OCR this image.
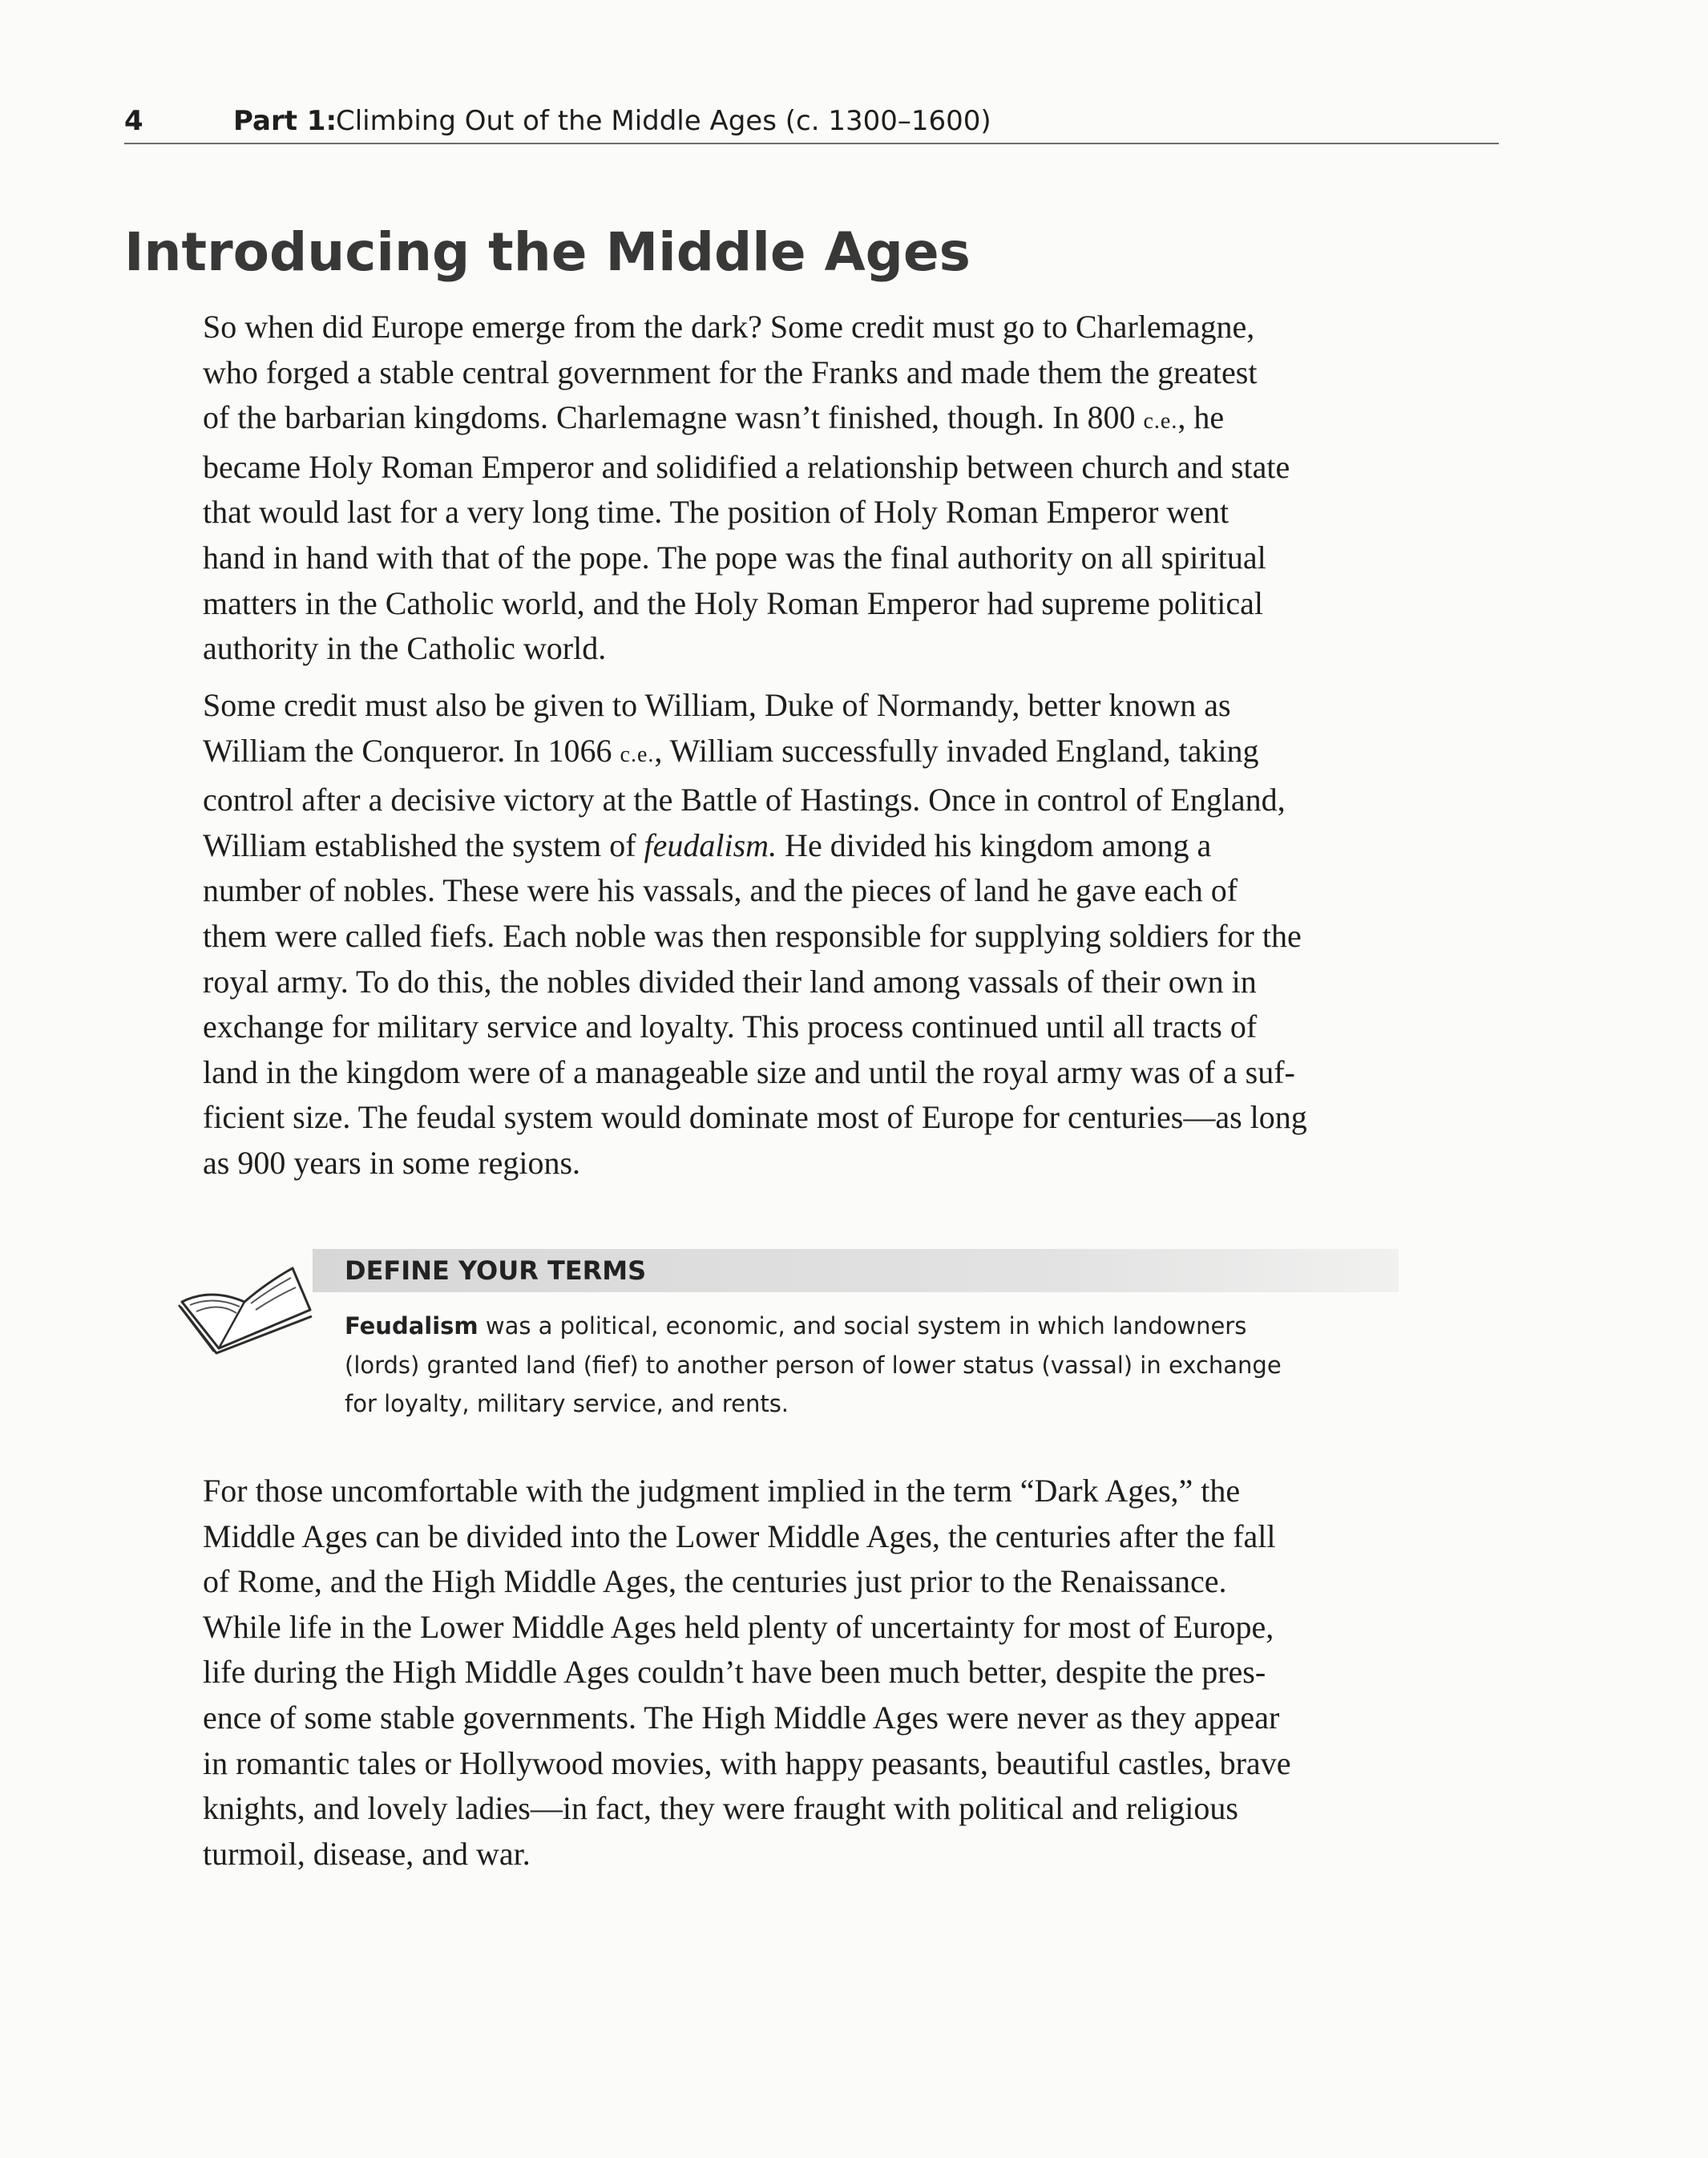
4	Part 1:
Climbing Out of the Middle Ages (c. 1300–1600)
Introducing the Middle Ages

So when did Europe emerge from the dark? Some credit must go to Charlemagne,
who forged a stable central government for the Franks and made them the greatest
of the barbarian kingdoms. Charlemagne wasn’t finished, though. In 800 c.e., he
became Holy Roman Emperor and solidified a relationship between church and state
that would last for a very long time. The position of Holy Roman Emperor went
hand in hand with that of the pope. The pope was the final authority on all spiritual
matters in the Catholic world, and the Holy Roman Emperor had supreme political
authority in the Catholic world.

Some credit must also be given to William, Duke of Normandy, better known as
William the Conqueror. In 1066 c.e., William successfully invaded England, taking
control after a decisive victory at the Battle of Hastings. Once in control of England,
William established the system of feudalism. He divided his kingdom among a
number of nobles. These were his vassals, and the pieces of land he gave each of
them were called fiefs. Each noble was then responsible for supplying soldiers for the
royal army. To do this, the nobles divided their land among vassals of their own in
exchange for military service and loyalty. This process continued until all tracts of
land in the kingdom were of a manageable size and until the royal army was of a suf-
ficient size. The feudal system would dominate most of Europe for centuries—as long
as 900 years in some regions.

DEFINE YOUR TERMS

Feudalism was a political, economic, and social system in which landowners
(lords) granted land (fief) to another person of lower status (vassal) in exchange
for loyalty, military service, and rents.

For those uncomfortable with the judgment implied in the term “Dark Ages,” the
Middle Ages can be divided into the Lower Middle Ages, the centuries after the fall
of Rome, and the High Middle Ages, the centuries just prior to the Renaissance.
While life in the Lower Middle Ages held plenty of uncertainty for most of Europe,
life during the High Middle Ages couldn’t have been much better, despite the pres-
ence of some stable governments. The High Middle Ages were never as they appear
in romantic tales or Hollywood movies, with happy peasants, beautiful castles, brave
knights, and lovely ladies—in fact, they were fraught with political and religious
turmoil, disease, and war.
